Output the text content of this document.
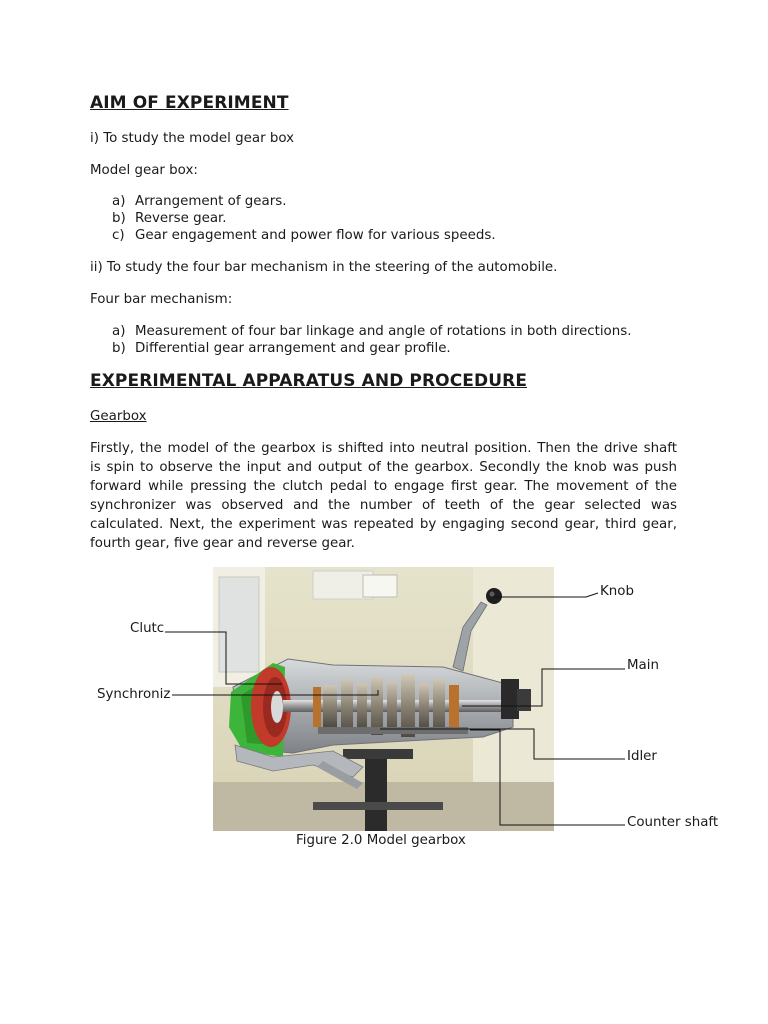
AIM OF EXPERIMENT

i) To study the model gear box

Model gear box:

a) Arrangement of gears.
b) Reverse gear.
c) Gear engagement and power flow for various speeds.

ii) To study the four bar mechanism in the steering of the automobile.

Four bar mechanism:

a) Measurement of four bar linkage and angle of rotations in both directions.
b) Differential gear arrangement and gear profile.
EXPERIMENTAL APPARATUS AND PROCEDURE

Gearbox

Firstly, the model of the gearbox is shifted into neutral position. Then the drive shaft
is spin to observe the input and output of the gearbox. Secondly the knob was push
forward while pressing the clutch pedal to engage first gear. The movement of the
synchronizer was observed and the number of teeth of the gear selected was
calculated. Next, the experiment was repeated by engaging second gear, third gear,
fourth gear, five gear and reverse gear.
Knob
Clutc
Main
Synchroniz
Idler
Counter shaft
Figure 2.0 Model gearbox
